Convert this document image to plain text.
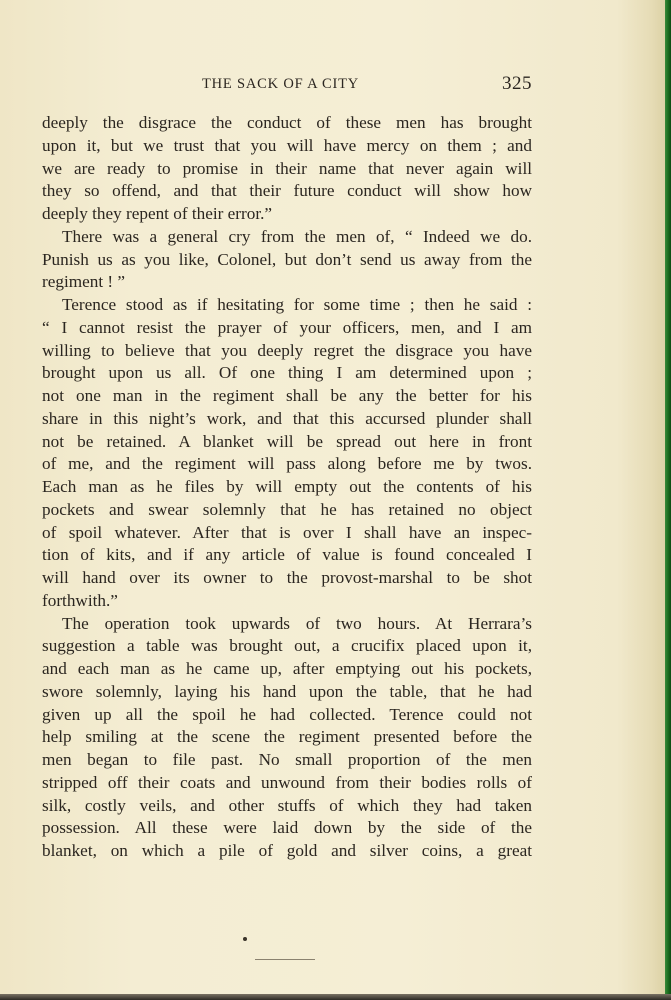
THE SACK OF A CITY	325
deeply the disgrace the conduct of these men has brought
upon it, but we trust that you will have mercy on them ; and
we are ready to promise in their name that never again will
they so offend, and that their future conduct will show how
deeply they repent of their error.”
There was a general cry from the men of, “ Indeed we do.
Punish us as you like, Colonel, but don’t send us away from the
regiment ! ”
Terence stood as if hesitating for some time ; then he said :
“ I cannot resist the prayer of your officers, men, and I am
willing to believe that you deeply regret the disgrace you have
brought upon us all. Of one thing I am determined upon ;
not one man in the regiment shall be any the better for his
share in this night’s work, and that this accursed plunder shall
not be retained. A blanket will be spread out here in front
of me, and the regiment will pass along before me by twos.
Each man as he files by will empty out the contents of his
pockets and swear solemnly that he has retained no object
of spoil whatever. After that is over I shall have an inspec-
tion of kits, and if any article of value is found concealed I
will hand over its owner to the provost-marshal to be shot
forthwith.”
The operation took upwards of two hours. At Herrara’s
suggestion a table was brought out, a crucifix placed upon it,
and each man as he came up, after emptying out his pockets,
swore solemnly, laying his hand upon the table, that he had
given up all the spoil he had collected. Terence could not
help smiling at the scene the regiment presented before the
men began to file past. No small proportion of the men
stripped off their coats and unwound from their bodies rolls of
silk, costly veils, and other stuffs of which they had taken
possession. All these were laid down by the side of the
blanket, on which a pile of gold and silver coins, a great
